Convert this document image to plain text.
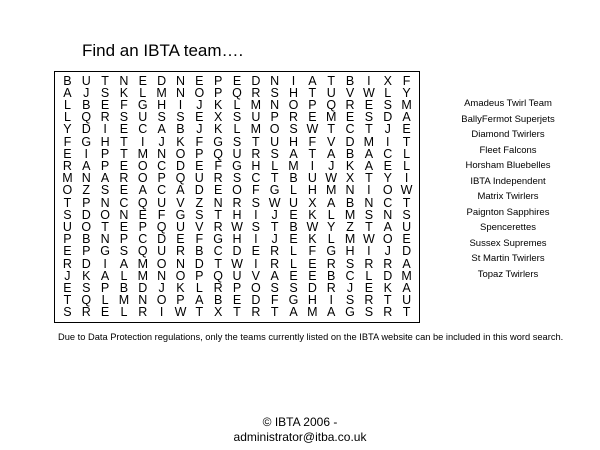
Find an IBTA team….
B U T N E D N E P E D N	I	A T B	I	X F
A J S K L M N O P Q R S H T U V W L Y
L B E F G H	I	J K L M N O P Q R E S M
L Q R S U S S E X S U P R E M E S D A
Y D	I	E C A B J K L M O S W T C T J E
F G H T	I	J K F G S T U H F V D M I	T
E	I	P T M N O P Q U R S A T A B A C L
R A P E O C D E F G H L M I	J K A E L
M N A R O P Q U R S C T B U W X T Y	I
O Z S E A C A D E O F G L H M N	I O W
T P N C Q U V Z N R S W U X A B N C T
S D O N E F G S T H	I	J E K L M S N S
U O T E P Q U V R W S T B W Y Z T A U
P B N P C D E F G H	I	J E K L M W O E
E P G S Q U R B C D E R L F G H	I	J D
R D	I	A M O N D T W I	R L E R S R R A
J K A L M N O P Q U V A E E B C L D M
E S P B D J K L R P O S S D R J E K A
T Q L M N O P A B E D F G H	I	S R T U
S R E L R	I W T X T R T A M A G S R T
Amadeus Twirl Team
BallyFermot Superjets
Diamond Twirlers
Fleet Falcons
Horsham Bluebelles
IBTA Independent
Matrix Twirlers
Paignton Sapphires
Spencerettes
Sussex Supremes
St Martin Twirlers
Topaz Twirlers
Due to Data Protection regulations, only the teams currently listed on the IBTA website can be included in this word search.
© IBTA 2006 -
administrator@itba.co.uk
